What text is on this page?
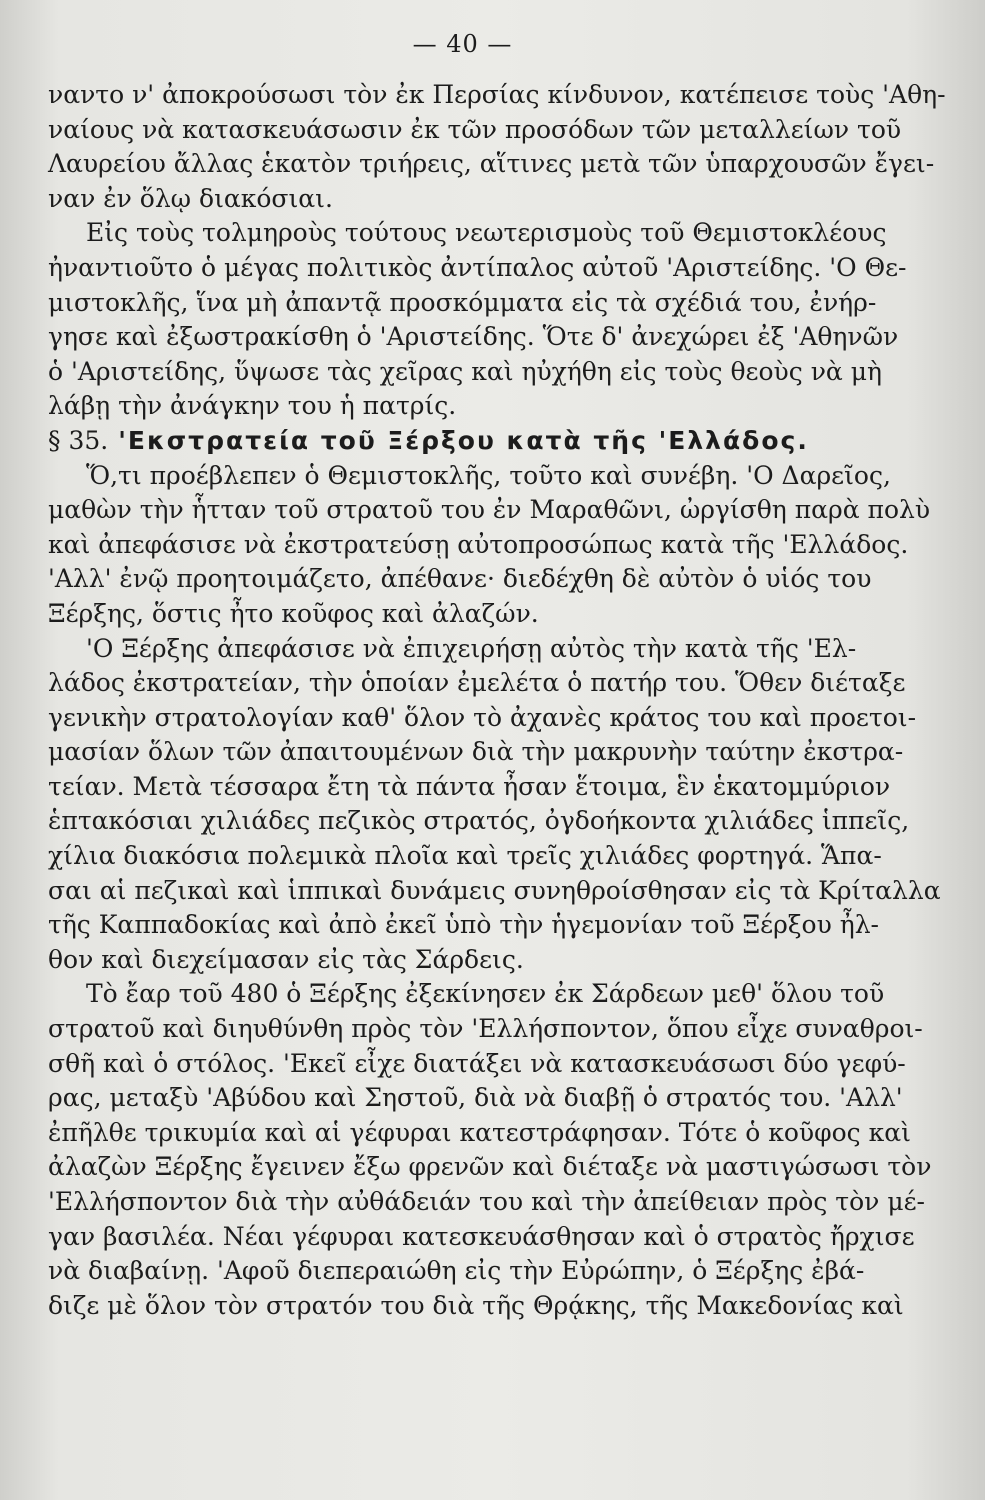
— 40 —
ναντο ν' ἀποκρούσωσι τὸν ἐκ Περσίας κίνδυνον, κατέπεισε τοὺς 'Αθη-
ναίους νὰ κατασκευάσωσιν ἐκ τῶν προσόδων τῶν μεταλλείων τοῦ
Λαυρείου ἄλλας ἑκατὸν τριήρεις, αἵτινες μετὰ τῶν ὑπαρχουσῶν ἔγει-
ναν ἐν ὅλῳ διακόσιαι.
Εἰς τοὺς τολμηροὺς τούτους νεωτερισμοὺς τοῦ Θεμιστοκλέους
ἠναντιοῦτο ὁ μέγας πολιτικὸς ἀντίπαλος αὐτοῦ 'Αριστείδης. 'Ο Θε-
μιστοκλῆς, ἵνα μὴ ἀπαντᾷ προσκόμματα εἰς τὰ σχέδιά του, ἐνήρ-
γησε καὶ ἐξωστρακίσθη ὁ 'Αριστείδης. Ὅτε δ' ἀνεχώρει ἐξ 'Αθηνῶν
ὁ 'Αριστείδης, ὕψωσε τὰς χεῖρας καὶ ηὐχήθη εἰς τοὺς θεοὺς νὰ μὴ
λάβῃ τὴν ἀνάγκην του ἡ πατρίς.
§ 35. 'Εκστρατεία τοῦ Ξέρξου κατὰ τῆς 'Ελλάδος.
Ὅ,τι προέβλεπεν ὁ Θεμιστοκλῆς, τοῦτο καὶ συνέβη. 'Ο Δαρεῖος,
μαθὼν τὴν ἧτταν τοῦ στρατοῦ του ἐν Μαραθῶνι, ὠργίσθη παρὰ πολὺ
καὶ ἀπεφάσισε νὰ ἐκστρατεύσῃ αὐτοπροσώπως κατὰ τῆς 'Ελλάδος.
'Αλλ' ἐνῷ προητοιμάζετο, ἀπέθανε· διεδέχθη δὲ αὐτὸν ὁ υἱός του
Ξέρξης, ὅστις ἦτο κοῦφος καὶ ἀλαζών.
'Ο Ξέρξης ἀπεφάσισε νὰ ἐπιχειρήσῃ αὐτὸς τὴν κατὰ τῆς 'Ελ-
λάδος ἐκστρατείαν, τὴν ὁποίαν ἐμελέτα ὁ πατήρ του. Ὅθεν διέταξε
γενικὴν στρατολογίαν καθ' ὅλον τὸ ἀχανὲς κράτος του καὶ προετοι-
μασίαν ὅλων τῶν ἀπαιτουμένων διὰ τὴν μακρυνὴν ταύτην ἐκστρα-
τείαν. Μετὰ τέσσαρα ἔτη τὰ πάντα ἦσαν ἕτοιμα, ἓν ἑκατομμύριον
ἑπτακόσιαι χιλιάδες πεζικὸς στρατός, ὀγδοήκοντα χιλιάδες ἱππεῖς,
χίλια διακόσια πολεμικὰ πλοῖα καὶ τρεῖς χιλιάδες φορτηγά. Ἅπα-
σαι αἱ πεζικαὶ καὶ ἱππικαὶ δυνάμεις συνηθροίσθησαν εἰς τὰ Κρίταλλα
τῆς Καππαδοκίας καὶ ἀπὸ ἐκεῖ ὑπὸ τὴν ἡγεμονίαν τοῦ Ξέρξου ἦλ-
θον καὶ διεχείμασαν εἰς τὰς Σάρδεις.
Τὸ ἔαρ τοῦ 480 ὁ Ξέρξης ἐξεκίνησεν ἐκ Σάρδεων μεθ' ὅλου τοῦ
στρατοῦ καὶ διηυθύνθη πρὸς τὸν 'Ελλήσποντον, ὅπου εἶχε συναθροι-
σθῆ καὶ ὁ στόλος. 'Εκεῖ εἶχε διατάξει νὰ κατασκευάσωσι δύο γεφύ-
ρας, μεταξὺ 'Αβύδου καὶ Σηστοῦ, διὰ νὰ διαβῇ ὁ στρατός του. 'Αλλ'
ἐπῆλθε τρικυμία καὶ αἱ γέφυραι κατεστράφησαν. Τότε ὁ κοῦφος καὶ
ἀλαζὼν Ξέρξης ἔγεινεν ἔξω φρενῶν καὶ διέταξε νὰ μαστιγώσωσι τὸν
'Ελλήσποντον διὰ τὴν αὐθάδειάν του καὶ τὴν ἀπείθειαν πρὸς τὸν μέ-
γαν βασιλέα. Νέαι γέφυραι κατεσκευάσθησαν καὶ ὁ στρατὸς ἤρχισε
νὰ διαβαίνῃ. 'Αφοῦ διεπεραιώθη εἰς τὴν Εὐρώπην, ὁ Ξέρξης ἐβά-
διζε μὲ ὅλον τὸν στρατόν του διὰ τῆς Θρᾴκης, τῆς Μακεδονίας καὶ
